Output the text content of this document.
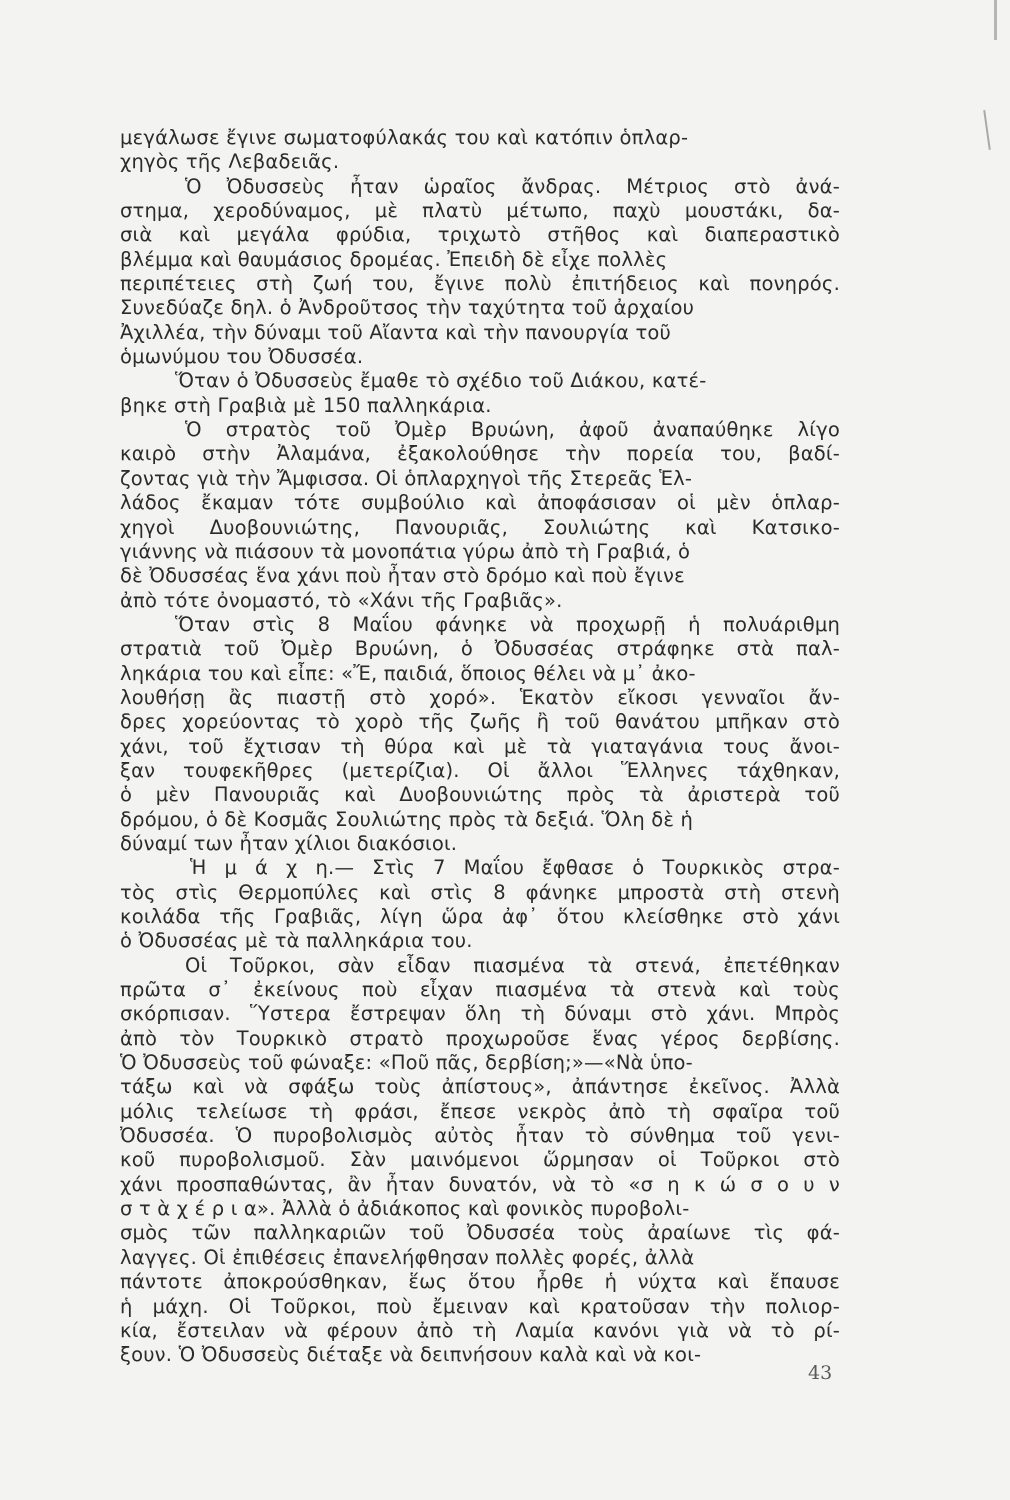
μεγάλωσε ἔγινε σωματοφύλακάς του καὶ κατόπιν ὁπλαρ-
χηγὸς τῆς Λεβαδειᾶς.
Ὁ Ὀδυσσεὺς ἦταν ὡραῖος ἄνδρας. Μέτριος στὸ ἀνά-
στημα, χεροδύναμος, μὲ πλατὺ μέτωπο, παχὺ μουστάκι, δα-
σιὰ καὶ μεγάλα φρύδια, τριχωτὸ στῆθος καὶ διαπεραστικὸ
βλέμμα καὶ θαυμάσιος δρομέας. Ἐπειδὴ δὲ εἶχε πολλὲς
περιπέτειες στὴ ζωή του, ἔγινε πολὺ ἐπιτήδειος καὶ πονηρός.
Συνεδύαζε δηλ. ὁ Ἀνδροῦτσος τὴν ταχύτητα τοῦ ἀρχαίου
Ἀχιλλέα, τὴν δύναμι τοῦ Αἴαντα καὶ τὴν πανουργία τοῦ
ὁμωνύμου του Ὀδυσσέα.
Ὅταν ὁ Ὀδυσσεὺς ἔμαθε τὸ σχέδιο τοῦ Διάκου, κατέ-
βηκε στὴ Γραβιὰ μὲ 150 παλληκάρια.
Ὁ στρατὸς τοῦ Ὀμὲρ Βρυώνη, ἀφοῦ ἀναπαύθηκε λίγο
καιρὸ στὴν Ἀλαμάνα, ἐξακολούθησε τὴν πορεία του, βαδί-
ζοντας γιὰ τὴν Ἄμφισσα. Οἱ ὁπλαρχηγοὶ τῆς Στερεᾶς Ἑλ-
λάδος ἔκαμαν τότε συμβούλιο καὶ ἀποφάσισαν οἱ μὲν ὁπλαρ-
χηγοὶ Δυοβουνιώτης, Πανουριᾶς, Σουλιώτης καὶ Κατσικο-
γιάννης νὰ πιάσουν τὰ μονοπάτια γύρω ἀπὸ τὴ Γραβιά, ὁ
δὲ Ὀδυσσέας ἕνα χάνι ποὺ ἦταν στὸ δρόμο καὶ ποὺ ἔγινε
ἀπὸ τότε ὀνομαστό, τὸ «Χάνι τῆς Γραβιᾶς».
Ὅταν στὶς 8 Μαΐου φάνηκε νὰ προχωρῇ ἡ πολυάριθμη
στρατιὰ τοῦ Ὀμὲρ Βρυώνη, ὁ Ὀδυσσέας στράφηκε στὰ παλ-
ληκάρια του καὶ εἶπε: «Ἔ, παιδιά, ὅποιος θέλει νὰ μ᾽ ἀκο-
λουθήσῃ ἂς πιαστῇ στὸ χορό». Ἑκατὸν εἴκοσι γενναῖοι ἄν-
δρες χορεύοντας τὸ χορὸ τῆς ζωῆς ἢ τοῦ θανάτου μπῆκαν στὸ
χάνι, τοῦ ἔχτισαν τὴ θύρα καὶ μὲ τὰ γιαταγάνια τους ἄνοι-
ξαν τουφεκῆθρες (μετερίζια). Οἱ ἄλλοι Ἕλληνες τάχθηκαν,
ὁ μὲν Πανουριᾶς καὶ Δυοβουνιώτης πρὸς τὰ ἀριστερὰ τοῦ
δρόμου, ὁ δὲ Κοσμᾶς Σουλιώτης πρὸς τὰ δεξιά. Ὅλη δὲ ἡ
δύναμί των ἦταν χίλιοι διακόσιοι.
Ἡ μ ά χ η.— Στὶς 7 Μαΐου ἔφθασε ὁ Τουρκικὸς στρα-
τὸς στὶς Θερμοπύλες καὶ στὶς 8 φάνηκε μπροστὰ στὴ στενὴ
κοιλάδα τῆς Γραβιᾶς, λίγη ὥρα ἀφ᾽ ὅτου κλείσθηκε στὸ χάνι
ὁ Ὀδυσσέας μὲ τὰ παλληκάρια του.
Οἱ Τοῦρκοι, σὰν εἶδαν πιασμένα τὰ στενά, ἐπετέθηκαν
πρῶτα σ᾽ ἐκείνους ποὺ εἶχαν πιασμένα τὰ στενὰ καὶ τοὺς
σκόρπισαν. Ὕστερα ἔστρεψαν ὅλη τὴ δύναμι στὸ χάνι. Μπρὸς
ἀπὸ τὸν Τουρκικὸ στρατὸ προχωροῦσε ἕνας γέρος δερβίσης.
Ὁ Ὀδυσσεὺς τοῦ φώναξε: «Ποῦ πᾶς, δερβίση;»—«Νὰ ὑπο-
τάξω καὶ νὰ σφάξω τοὺς ἀπίστους», ἀπάντησε ἐκεῖνος. Ἀλλὰ
μόλις τελείωσε τὴ φράσι, ἔπεσε νεκρὸς ἀπὸ τὴ σφαῖρα τοῦ
Ὀδυσσέα. Ὁ πυροβολισμὸς αὐτὸς ἦταν τὸ σύνθημα τοῦ γενι-
κοῦ πυροβολισμοῦ. Σὰν μαινόμενοι ὥρμησαν οἱ Τοῦρκοι στὸ
χάνι προσπαθώντας, ἂν ἦταν δυνατόν, νὰ τὸ «σ η κ ώ σ ο υ ν
σ τ ὰ χ έ ρ ι α». Ἀλλὰ ὁ ἀδιάκοπος καὶ φονικὸς πυροβολι-
σμὸς τῶν παλληκαριῶν τοῦ Ὀδυσσέα τοὺς ἀραίωνε τὶς φά-
λαγγες. Οἱ ἐπιθέσεις ἐπανελήφθησαν πολλὲς φορές, ἀλλὰ
πάντοτε ἀποκρούσθηκαν, ἕως ὅτου ἦρθε ἡ νύχτα καὶ ἔπαυσε
ἡ μάχη. Οἱ Τοῦρκοι, ποὺ ἔμειναν καὶ κρατοῦσαν τὴν πολιορ-
κία, ἔστειλαν νὰ φέρουν ἀπὸ τὴ Λαμία κανόνι γιὰ νὰ τὸ ρί-
ξουν. Ὁ Ὀδυσσεὺς διέταξε νὰ δειπνήσουν καλὰ καὶ νὰ κοι-
43
